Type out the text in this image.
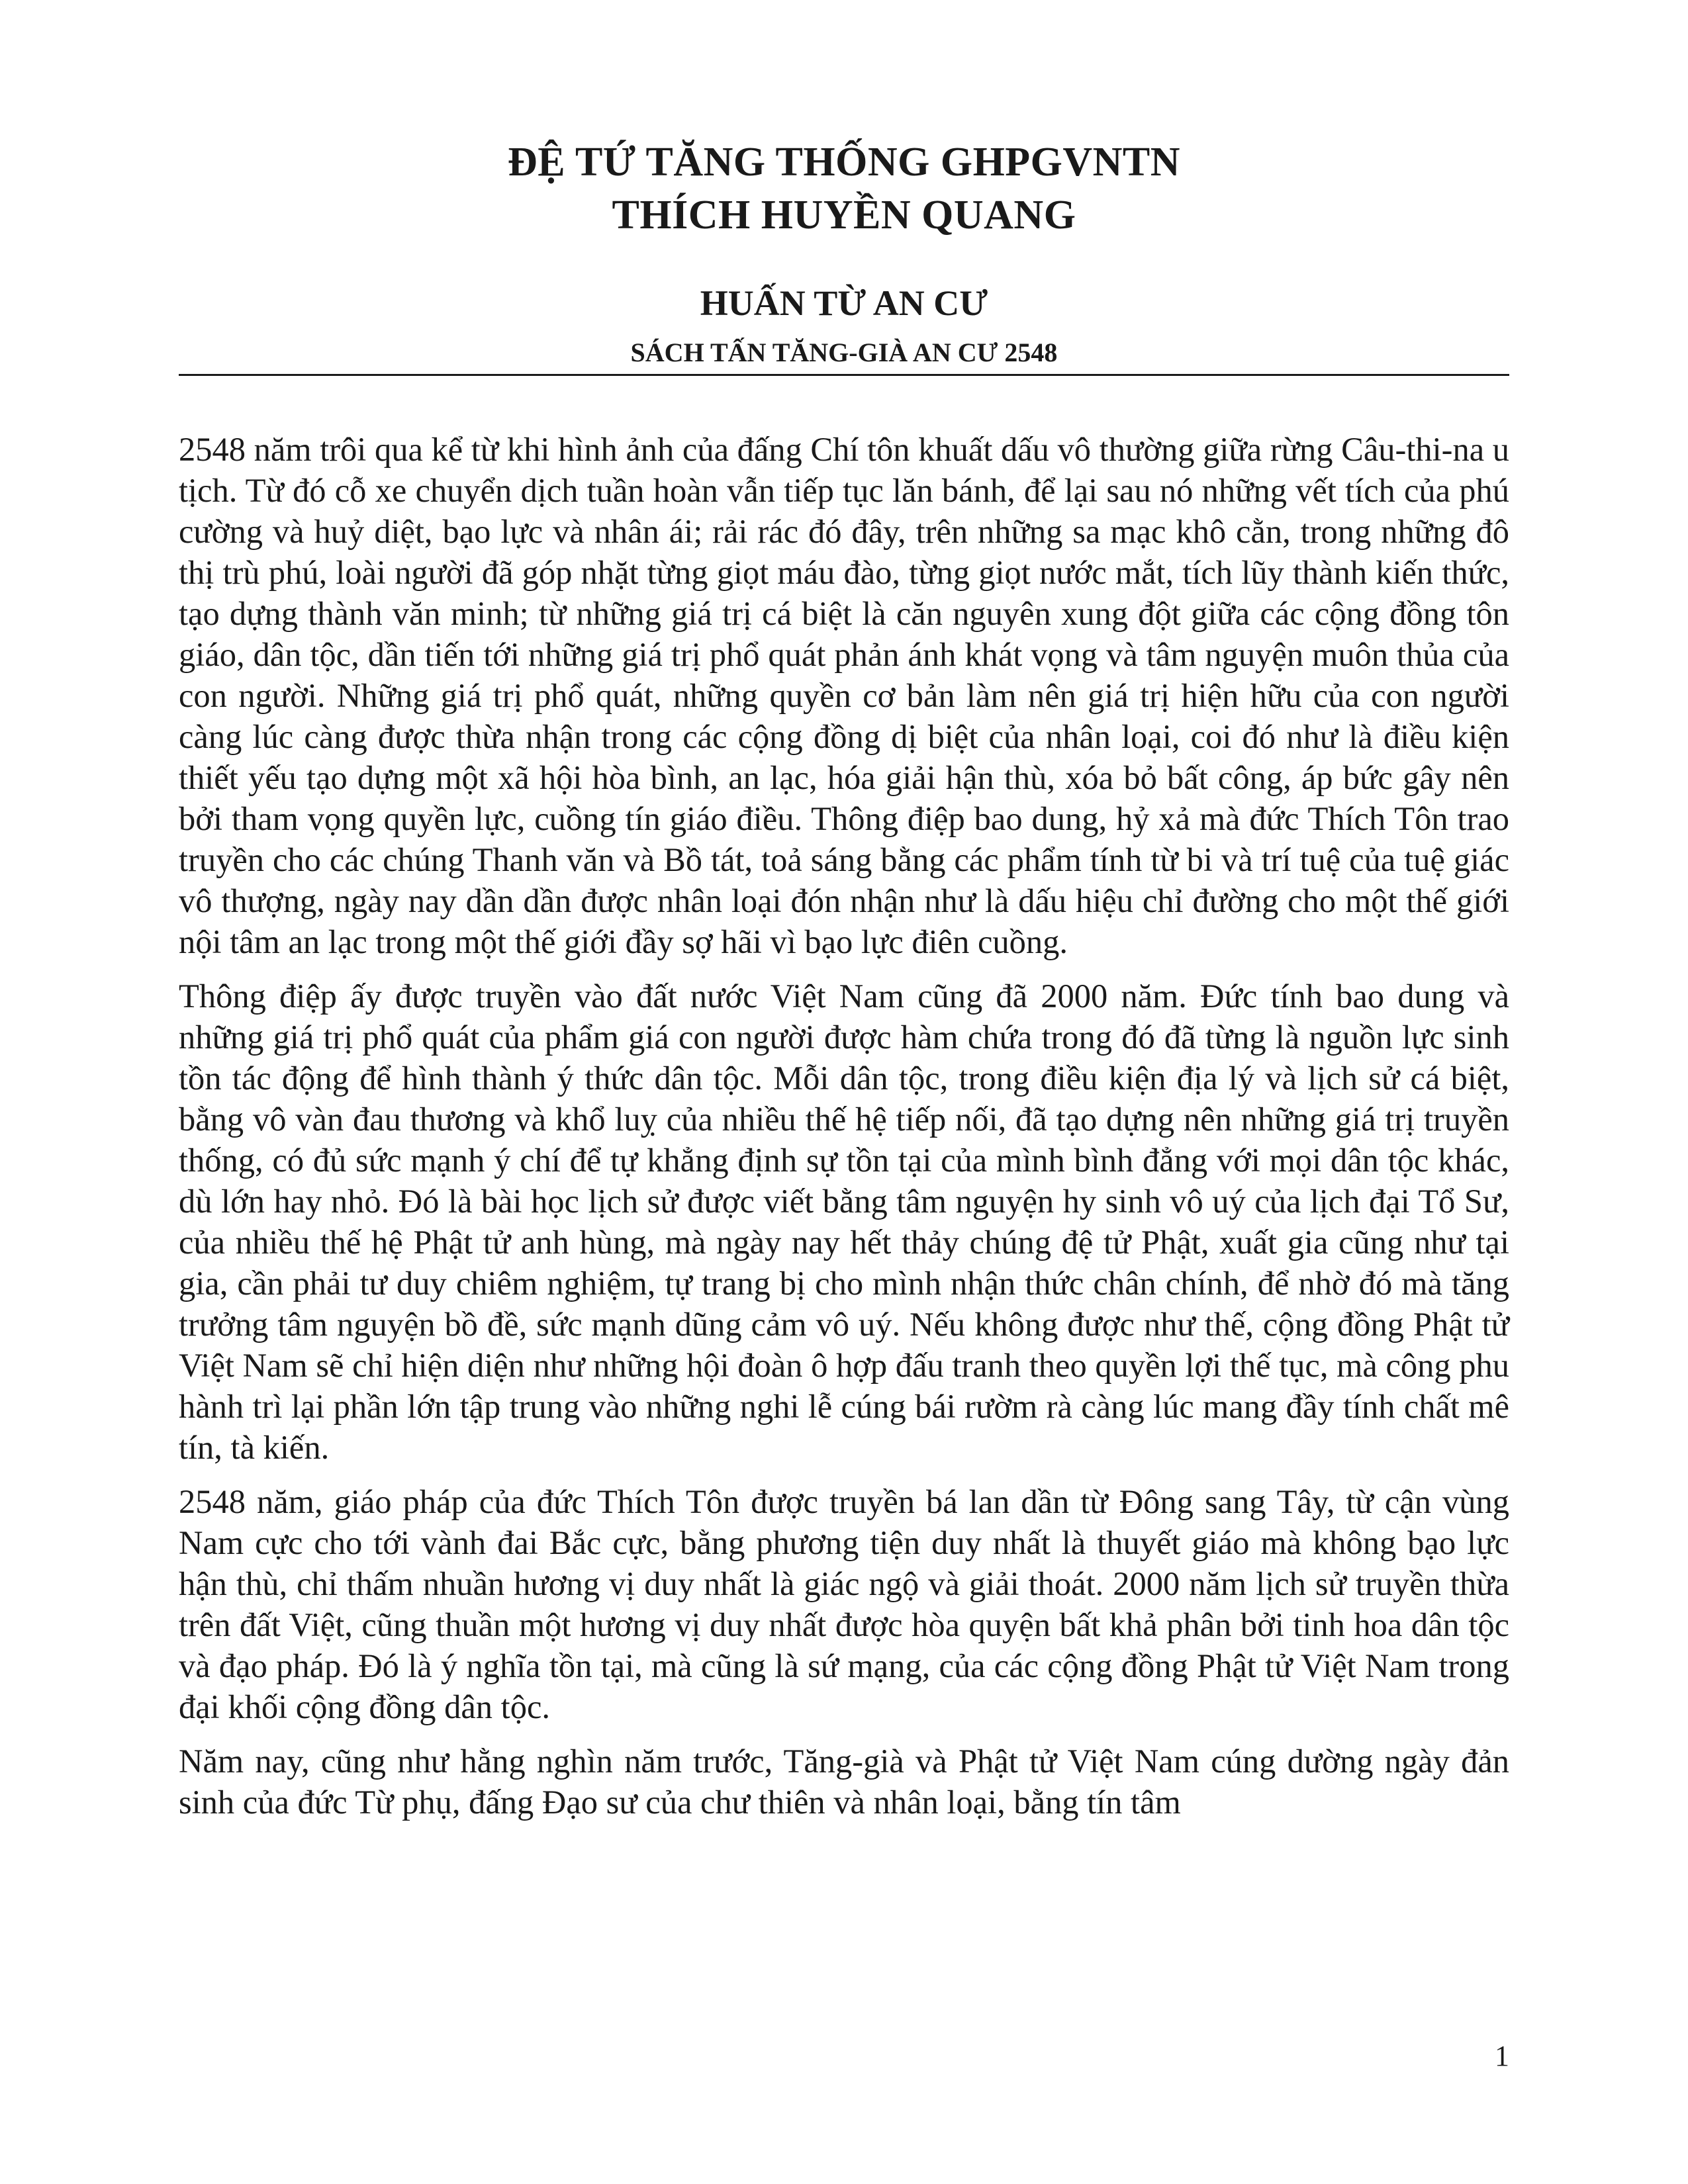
ĐỆ TỨ TĂNG THỐNG GHPGVNTN

THÍCH HUYỀN QUANG

HUẤN TỪ AN CƯ

SÁCH TẤN TĂNG-GIÀ AN CƯ 2548

2548 năm trôi qua kể từ khi hình ảnh của đấng Chí tôn khuất dấu vô thường giữa rừng Câu-thi-na u tịch. Từ đó cỗ xe chuyển dịch tuần hoàn vẫn tiếp tục lăn bánh, để lại sau nó những vết tích của phú cường và huỷ diệt, bạo lực và nhân ái; rải rác đó đây, trên những sa mạc khô cằn, trong những đô thị trù phú, loài người đã góp nhặt từng giọt máu đào, từng giọt nước mắt, tích lũy thành kiến thức, tạo dựng thành văn minh; từ những giá trị cá biệt là căn nguyên xung đột giữa các cộng đồng tôn giáo, dân tộc, dần tiến tới những giá trị phổ quát phản ánh khát vọng và tâm nguyện muôn thủa của con người. Những giá trị phổ quát, những quyền cơ bản làm nên giá trị hiện hữu của con người càng lúc càng được thừa nhận trong các cộng đồng dị biệt của nhân loại, coi đó như là điều kiện thiết yếu tạo dựng một xã hội hòa bình, an lạc, hóa giải hận thù, xóa bỏ bất công, áp bức gây nên bởi tham vọng quyền lực, cuồng tín giáo điều. Thông điệp bao dung, hỷ xả mà đức Thích Tôn trao truyền cho các chúng Thanh văn và Bồ tát, toả sáng bằng các phẩm tính từ bi và trí tuệ của tuệ giác vô thượng, ngày nay dần dần được nhân loại đón nhận như là dấu hiệu chỉ đường cho một thế giới nội tâm an lạc trong một thế giới đầy sợ hãi vì bạo lực điên cuồng.

Thông điệp ấy được truyền vào đất nước Việt Nam cũng đã 2000 năm. Đức tính bao dung và những giá trị phổ quát của phẩm giá con người được hàm chứa trong đó đã từng là nguồn lực sinh tồn tác động để hình thành ý thức dân tộc. Mỗi dân tộc, trong điều kiện địa lý và lịch sử cá biệt, bằng vô vàn đau thương và khổ luỵ của nhiều thế hệ tiếp nối, đã tạo dựng nên những giá trị truyền thống, có đủ sức mạnh ý chí để tự khẳng định sự tồn tại của mình bình đẳng với mọi dân tộc khác, dù lớn hay nhỏ. Đó là bài học lịch sử được viết bằng tâm nguyện hy sinh vô uý của lịch đại Tổ Sư, của nhiều thế hệ Phật tử anh hùng, mà ngày nay hết thảy chúng đệ tử Phật, xuất gia cũng như tại gia, cần phải tư duy chiêm nghiệm, tự trang bị cho mình nhận thức chân chính, để nhờ đó mà tăng trưởng tâm nguyện bồ đề, sức mạnh dũng cảm vô uý. Nếu không được như thế, cộng đồng Phật tử Việt Nam sẽ chỉ hiện diện như những hội đoàn ô hợp đấu tranh theo quyền lợi thế tục, mà công phu hành trì lại phần lớn tập trung vào những nghi lễ cúng bái rườm rà càng lúc mang đầy tính chất mê tín, tà kiến.

2548 năm, giáo pháp của đức Thích Tôn được truyền bá lan dần từ Đông sang Tây, từ cận vùng Nam cực cho tới vành đai Bắc cực, bằng phương tiện duy nhất là thuyết giáo mà không bạo lực hận thù, chỉ thấm nhuần hương vị duy nhất là giác ngộ và giải thoát. 2000 năm lịch sử truyền thừa trên đất Việt, cũng thuần một hương vị duy nhất được hòa quyện bất khả phân bởi tinh hoa dân tộc và đạo pháp. Đó là ý nghĩa tồn tại, mà cũng là sứ mạng, của các cộng đồng Phật tử Việt Nam trong đại khối cộng đồng dân tộc.

Năm nay, cũng như hằng nghìn năm trước, Tăng-già và Phật tử Việt Nam cúng dường ngày đản sinh của đức Từ phụ, đấng Đạo sư của chư thiên và nhân loại, bằng tín tâm

1
